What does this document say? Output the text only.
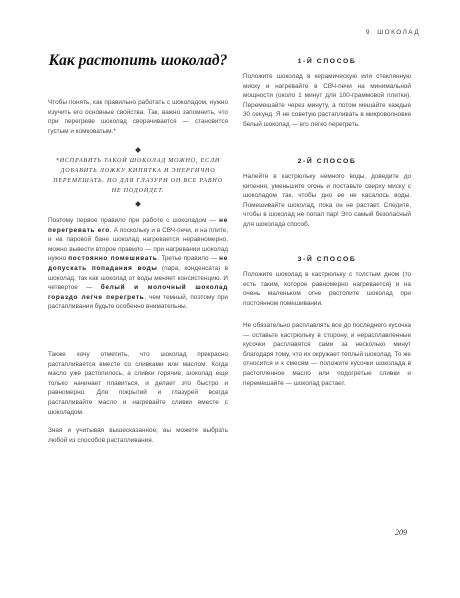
9. ШОКОЛАД
Как растопить шоколад?

Чтобы понять, как правильно работать с шоколадом, нужно изучить его основные свойства. Так, важно запомнить, что при перегреве шоколад сворачивается — становится густым и комковатым.*

*ИСПРАВИТЬ ТАКОЙ ШОКОЛАД МОЖНО, ЕСЛИ ДОБАВИТЬ ЛОЖКУ КИПЯТКА И ЭНЕРГИЧНО ПЕРЕМЕШАТЬ. НО ДЛЯ ГЛАЗУРИ ОН ВСЕ РАВНО НЕ ПОДОЙДЕТ.

Поэтому первое правило при работе с шоколадом — не перегревать его. А поскольку и в СВЧ-печи, и на плите, и на паровой бане шоколад нагревается неравномерно, можно вывести второе правило — при нагревании шоколад нужно постоянно помешивать. Третье правило — не допускать попадания воды (пара, конденсата) в шоколад, так как шоколад от воды меняет консистенцию. И четвертое — белый и молочный шоколад гораздо легче перегреть, чем темный, поэтому при растапливании будьте особенно внимательны.

Также хочу отметить, что шоколад прекрасно растапливается вместе со сливками или маслом. Когда масло уже растопилось, а сливки горячие, шоколад еще только начинает плавиться, и делает это быстро и равномерно. Для покрытий и глазурей всегда растапливайте масло и нагревайте сливки вместе с шоколадом.

Зная и учитывая вышесказанное, вы можете выбрать любой из способов растапливания.

1-Й СПОСОБ

Положите шоколад в керамическую или стеклянную миску и нагревайте в СВЧ-печи на минимальной мощности (около 1 минут для 100-граммовой плитки). Перемешайте через минуту, а потом мешайте каждые 30 секунд. Я не советую растапливать в микроволновке белый шоколад — его легко перегреть.

2-Й СПОСОБ

Налейте в кастрюльку немного воды, доведите до кипения, уменьшите огонь и поставьте сверху миску с шоколадом так, чтобы дно ее не касалось воды. Помешивайте шоколад, пока он не растает. Следите, чтобы в шоколад не попал пар! Это самый безопасный для шоколада способ.

3-Й СПОСОБ

Положите шоколад в кастрюльку с толстым дном (то есть таким, которое равномерно нагревается) и на очень маленьком огне растопите шоколад при постоянном помешивании.

Не обязательно расплавлять все до последнего кусочка — оставьте кастрюльку в сторону, и нерасплавленные кусочки расплавятся сами за несколько минут благодаря тому, что их окружает теплый шоколад. То же относится и к смесям — положите кусочки шоколада в растопленное масло или подогретые сливки и перемешайте — шоколад растает.

209
